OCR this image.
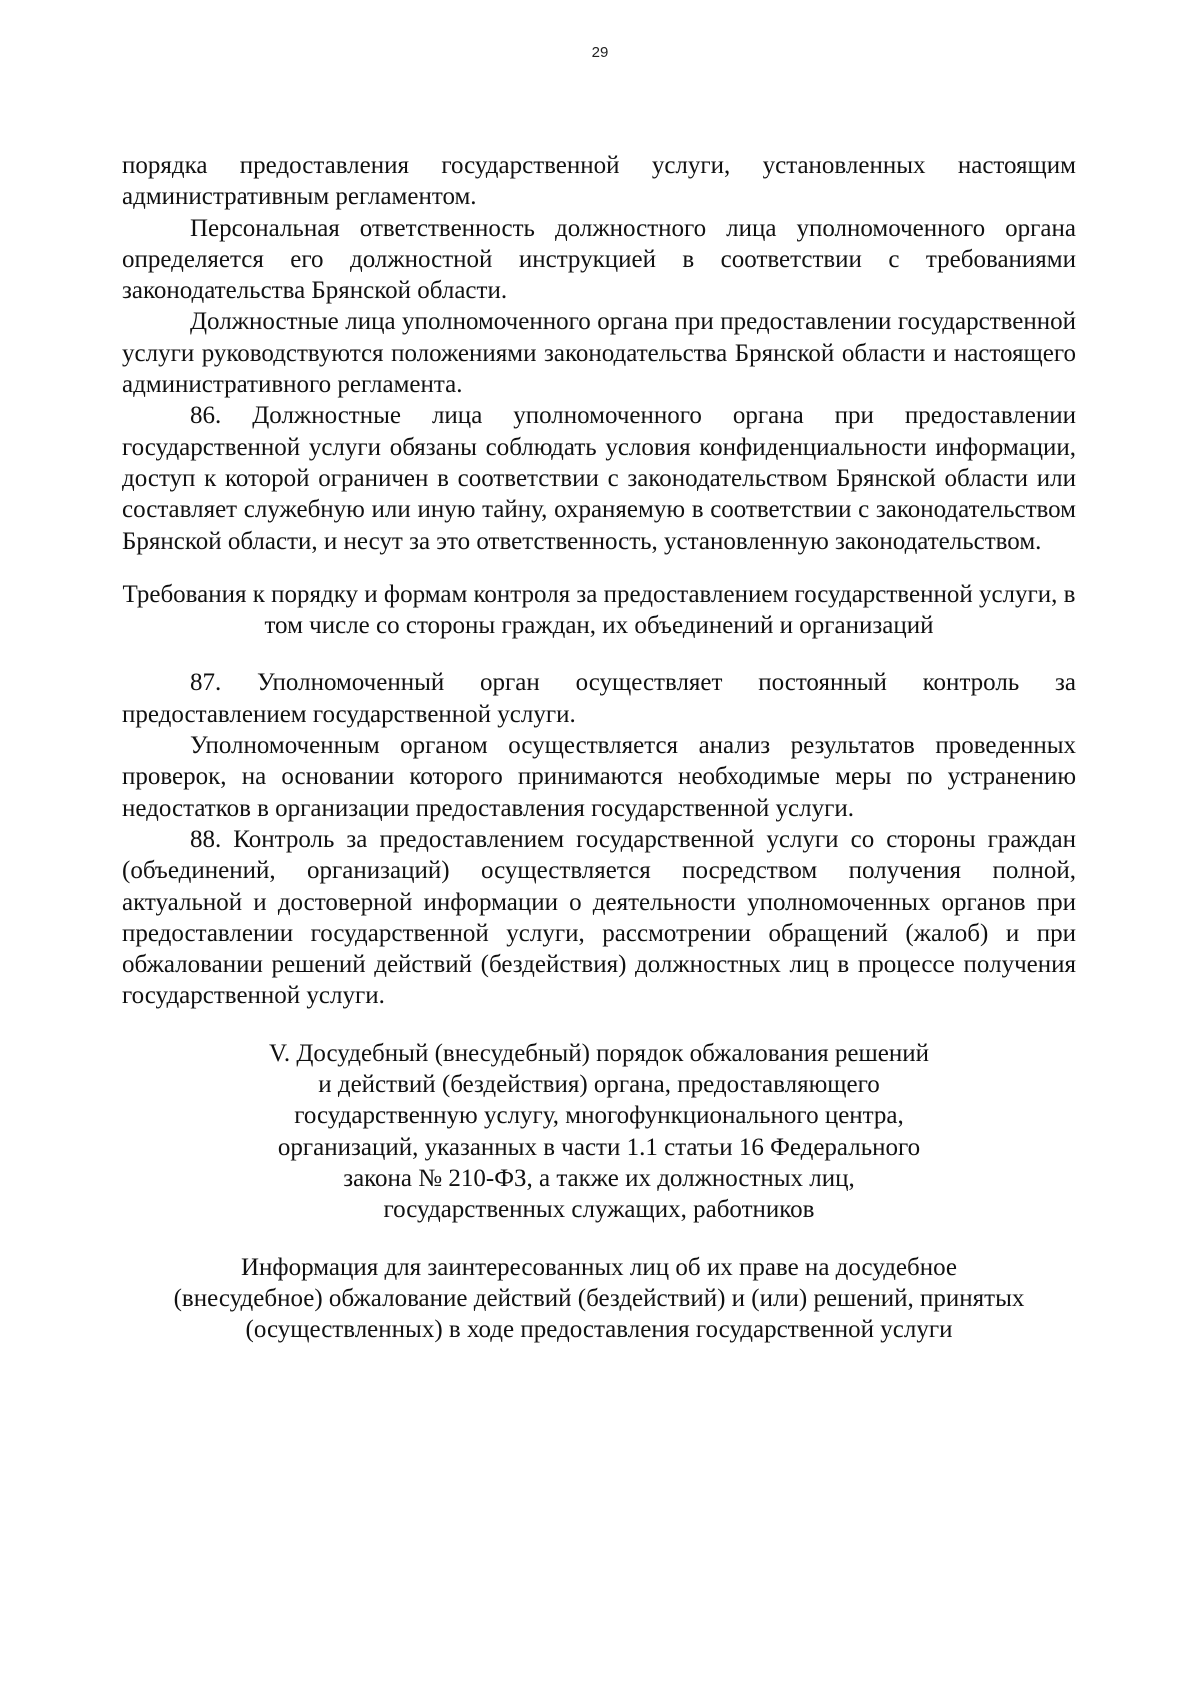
29

порядка предоставления государственной услуги, установленных настоящим административным регламентом.

Персональная ответственность должностного лица уполномоченного органа определяется его должностной инструкцией в соответствии с требованиями законодательства Брянской области.

Должностные лица уполномоченного органа при предоставлении государственной услуги руководствуются положениями законодательства Брянской области и настоящего административного регламента.

86. Должностные лица уполномоченного органа при предоставлении государственной услуги обязаны соблюдать условия конфиденциальности информации, доступ к которой ограничен в соответствии с законодательством Брянской области или составляет служебную или иную тайну, охраняемую в соответствии с законодательством Брянской области, и несут за это ответственность, установленную законодательством.

Требования к порядку и формам контроля за предоставлением государственной услуги, в том числе со стороны граждан, их объединений и организаций

87. Уполномоченный орган осуществляет постоянный контроль за предоставлением государственной услуги.

Уполномоченным органом осуществляется анализ результатов проведенных проверок, на основании которого принимаются необходимые меры по устранению недостатков в организации предоставления государственной услуги.

88. Контроль за предоставлением государственной услуги со стороны граждан (объединений, организаций) осуществляется посредством получения полной, актуальной и достоверной информации о деятельности уполномоченных органов при предоставлении государственной услуги, рассмотрении обращений (жалоб) и при обжаловании решений действий (бездействия) должностных лиц в процессе получения государственной услуги.

V. Досудебный (внесудебный) порядок обжалования решений
и действий (бездействия) органа, предоставляющего
государственную услугу, многофункционального центра,
организаций, указанных в части 1.1 статьи 16 Федерального
закона № 210-ФЗ, а также их должностных лиц,
государственных служащих, работников

Информация для заинтересованных лиц об их праве на досудебное
(внесудебное) обжалование действий (бездействий) и (или) решений, принятых
(осуществленных) в ходе предоставления государственной услуги
